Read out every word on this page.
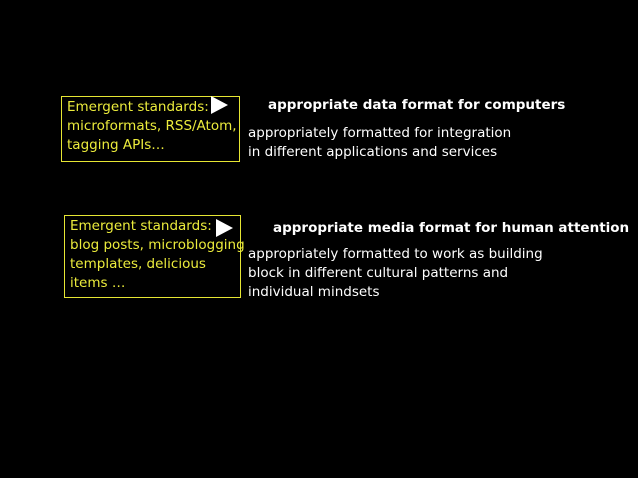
Emergent standards:
microformats, RSS/Atom,
tagging APIs…
appropriate data format for computers
appropriately formatted for integration
in different applications and services
Emergent standards:
blog posts, microblogging
templates, delicious
items …
appropriate media format for human attention
appropriately formatted to work as building
block in different cultural patterns and
individual mindsets
